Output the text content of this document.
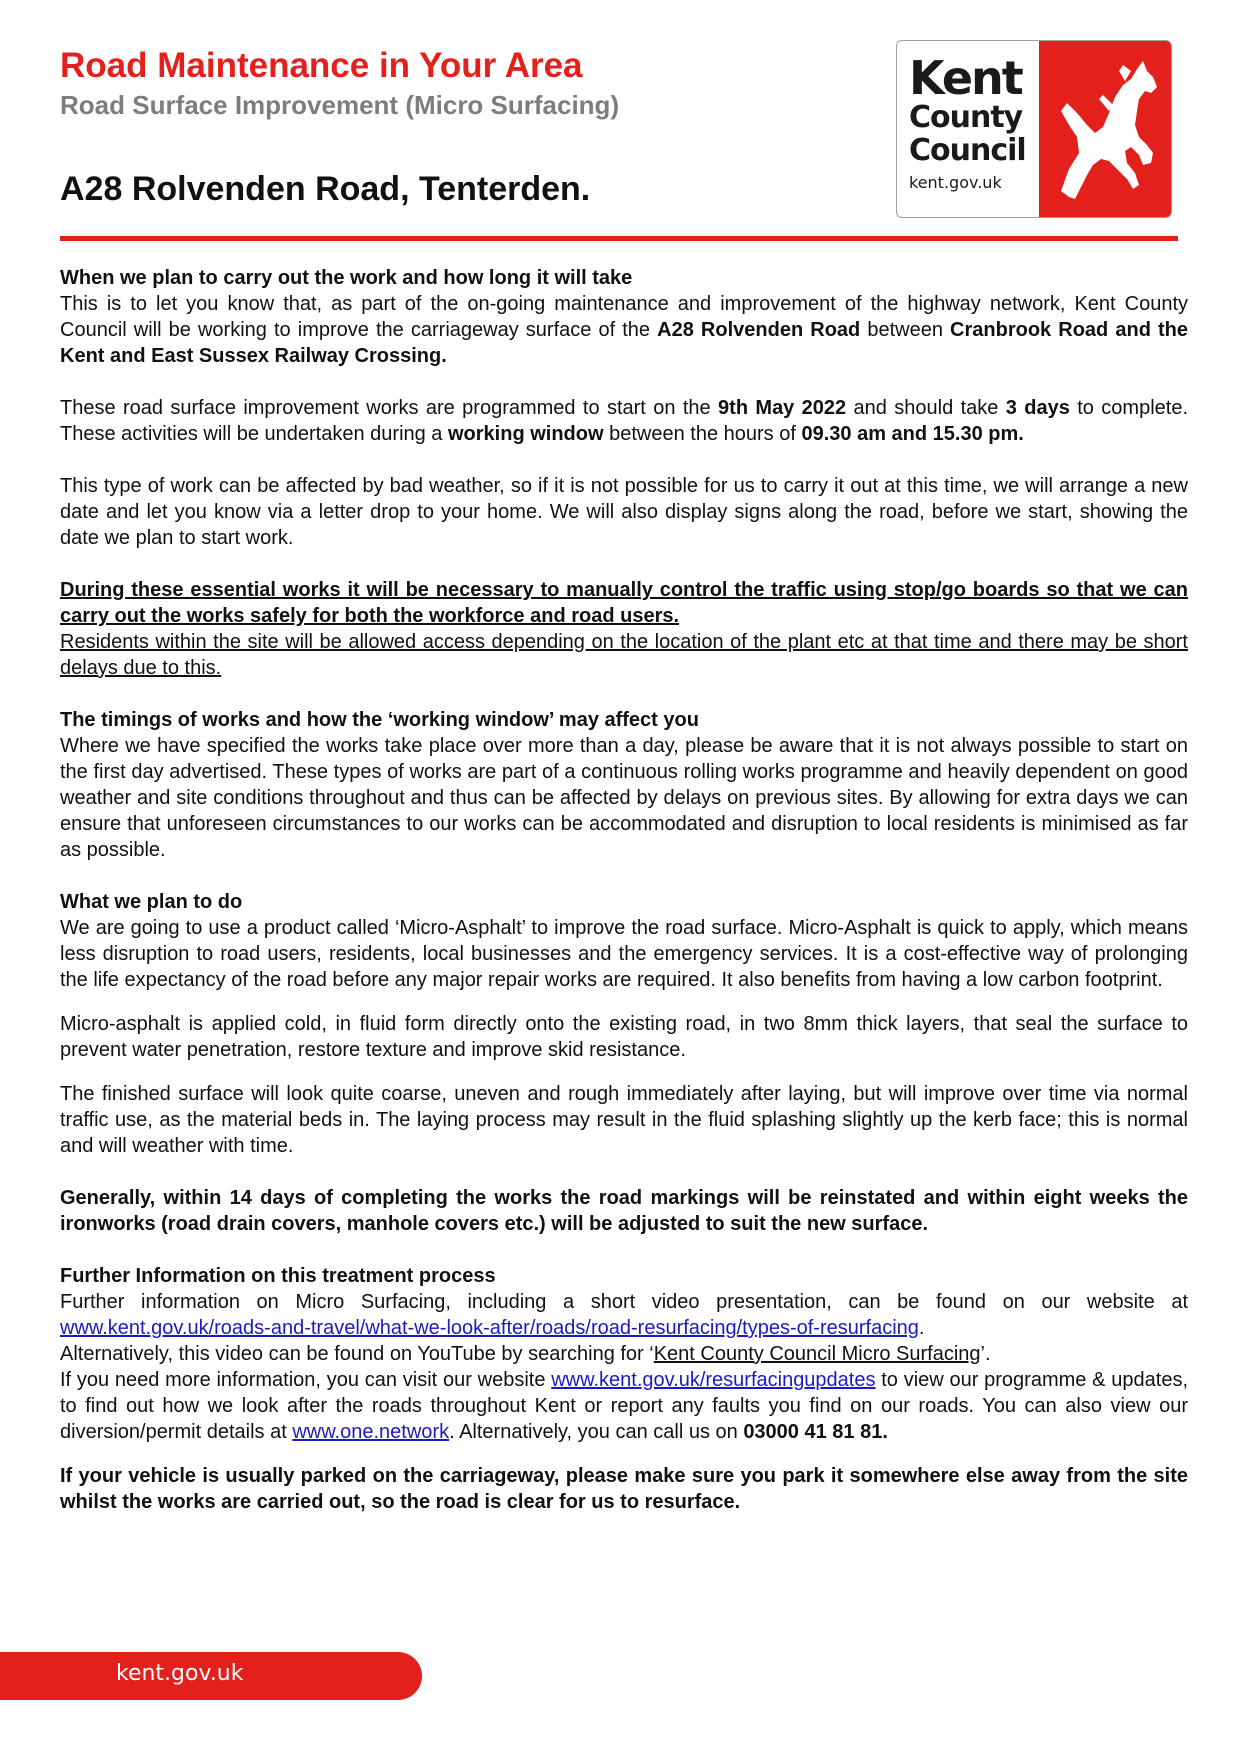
Road Maintenance in Your Area
Road Surface Improvement (Micro Surfacing)
A28 Rolvenden Road, Tenterden.
Kent
County
Council
kent.gov.uk

When we plan to carry out the work and how long it will take

This is to let you know that, as part of the on-going maintenance and improvement of the highway network, Kent County Council will be working to improve the carriageway surface of the A28 Rolvenden Road between Cranbrook Road and the Kent and East Sussex Railway Crossing.

These road surface improvement works are programmed to start on the 9th May 2022 and should take 3 days to complete. These activities will be undertaken during a working window between the hours of 09.30 am and 15.30 pm.

This type of work can be affected by bad weather, so if it is not possible for us to carry it out at this time, we will arrange a new date and let you know via a letter drop to your home. We will also display signs along the road, before we start, showing the date we plan to start work.

During these essential works it will be necessary to manually control the traffic using stop/go boards so that we can carry out the works safely for both the workforce and road users.

Residents within the site will be allowed access depending on the location of the plant etc at that time and there may be short delays due to this.

The timings of works and how the ‘working window’ may affect you

Where we have specified the works take place over more than a day, please be aware that it is not always possible to start on the first day advertised. These types of works are part of a continuous rolling works programme and heavily dependent on good weather and site conditions throughout and thus can be affected by delays on previous sites. By allowing for extra days we can ensure that unforeseen circumstances to our works can be accommodated and disruption to local residents is minimised as far as possible.

What we plan to do

We are going to use a product called ‘Micro-Asphalt’ to improve the road surface. Micro-Asphalt is quick to apply, which means less disruption to road users, residents, local businesses and the emergency services. It is a cost-effective way of prolonging the life expectancy of the road before any major repair works are required. It also benefits from having a low carbon footprint.

Micro-asphalt is applied cold, in fluid form directly onto the existing road, in two 8mm thick layers, that seal the surface to prevent water penetration, restore texture and improve skid resistance.

The finished surface will look quite coarse, uneven and rough immediately after laying, but will improve over time via normal traffic use, as the material beds in. The laying process may result in the fluid splashing slightly up the kerb face; this is normal and will weather with time.

Generally, within 14 days of completing the works the road markings will be reinstated and within eight weeks the ironworks (road drain covers, manhole covers etc.) will be adjusted to suit the new surface.

Further Information on this treatment process

Further information on Micro Surfacing, including a short video presentation, can be found on our website at www.kent.gov.uk/roads-and-travel/what-we-look-after/roads/road-resurfacing/types-of-resurfacing.

Alternatively, this video can be found on YouTube by searching for ‘Kent County Council Micro Surfacing’.

If you need more information, you can visit our website www.kent.gov.uk/resurfacingupdates to view our programme & updates, to find out how we look after the roads throughout Kent or report any faults you find on our roads. You can also view our diversion/permit details at www.one.network. Alternatively, you can call us on 03000 41 81 81.

If your vehicle is usually parked on the carriageway, please make sure you park it somewhere else away from the site whilst the works are carried out, so the road is clear for us to resurface.

kent.gov.uk
